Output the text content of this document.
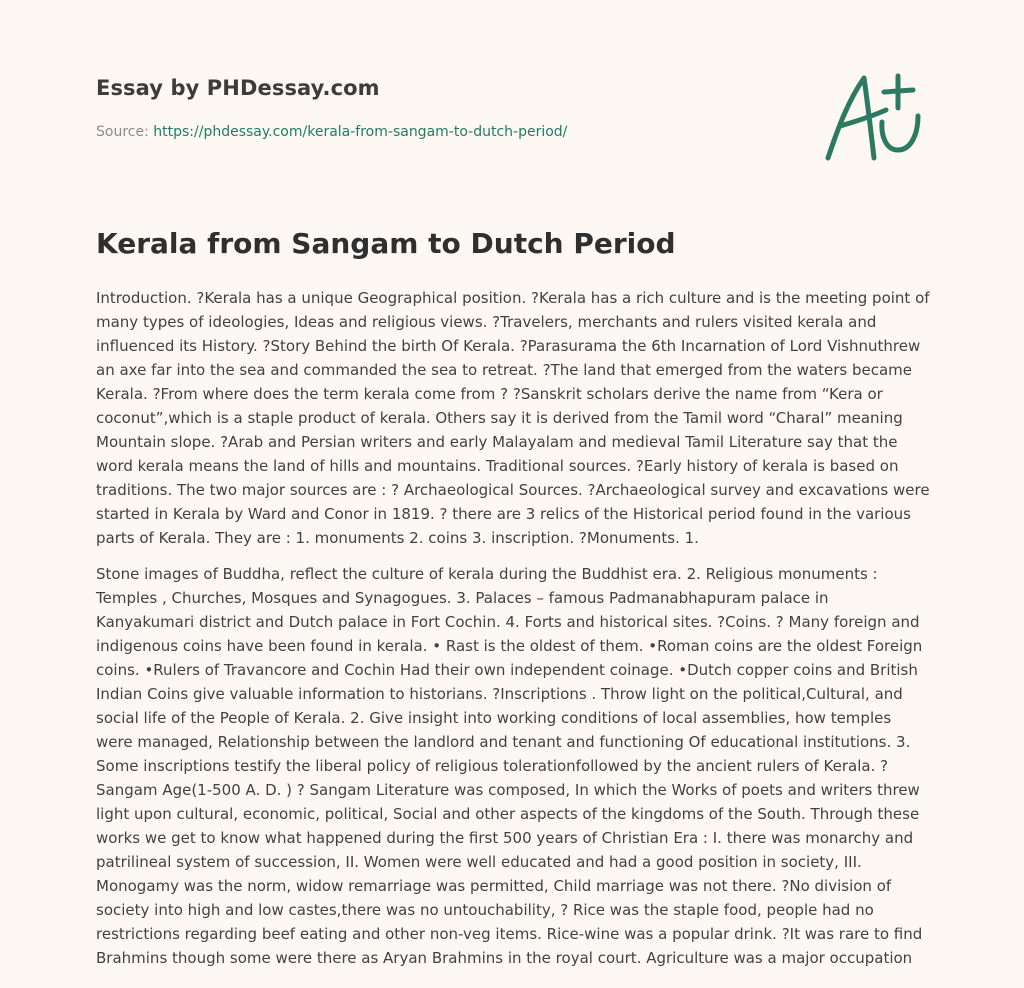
Essay by PHDessay.com
Source: https://phdessay.com/kerala-from-sangam-to-dutch-period/
Kerala from Sangam to Dutch Period

Introduction. ?Kerala has a unique Geographical position. ?Kerala has a rich culture and is the meeting point of many types of ideologies, Ideas and religious views. ?Travelers, merchants and rulers visited kerala and influenced its History. ?Story Behind the birth Of Kerala. ?Parasurama the 6th Incarnation of Lord Vishnuthrew an axe far into the sea and commanded the sea to retreat. ?The land that emerged from the waters became Kerala. ?From where does the term kerala come from ? ?Sanskrit scholars derive the name from “Kera or coconut”,which is a staple product of kerala. Others say it is derived from the Tamil word “Charal” meaning Mountain slope. ?Arab and Persian writers and early Malayalam and medieval Tamil Literature say that the word kerala means the land of hills and mountains. Traditional sources. ?Early history of kerala is based on traditions. The two major sources are : ? Archaeological Sources. ?Archaeological survey and excavations were started in Kerala by Ward and Conor in 1819. ? there are 3 relics of the Historical period found in the various parts of Kerala. They are : 1. monuments 2. coins 3. inscription. ?Monuments. 1.

Stone images of Buddha, reflect the culture of kerala during the Buddhist era. 2. Religious monuments : Temples , Churches, Mosques and Synagogues. 3. Palaces – famous Padmanabhapuram palace in Kanyakumari district and Dutch palace in Fort Cochin. 4. Forts and historical sites. ?Coins. ? Many foreign and indigenous coins have been found in kerala. • Rast is the oldest of them. •Roman coins are the oldest Foreign coins. •Rulers of Travancore and Cochin Had their own independent coinage. •Dutch copper coins and British Indian Coins give valuable information to historians. ?Inscriptions . Throw light on the political,Cultural, and social life of the People of Kerala. 2. Give insight into working conditions of local assemblies, how temples were managed, Relationship between the landlord and tenant and functioning Of educational institutions. 3. Some inscriptions testify the liberal policy of religious tolerationfollowed by the ancient rulers of Kerala. ?Sangam Age(1-500 A. D. ) ? Sangam Literature was composed, In which the Works of poets and writers threw light upon cultural, economic, political, Social and other aspects of the kingdoms of the South. Through these works we get to know what happened during the first 500 years of Christian Era : I. there was monarchy and patrilineal system of succession, II. Women were well educated and had a good position in society, III. Monogamy was the norm, widow remarriage was permitted, Child marriage was not there. ?No division of society into high and low castes,there was no untouchability, ? Rice was the staple food, people had no restrictions regarding beef eating and other non-veg items. Rice-wine was a popular drink. ?It was rare to find Brahmins though some were there as Aryan Brahmins in the royal court. Agriculture was a major occupation
